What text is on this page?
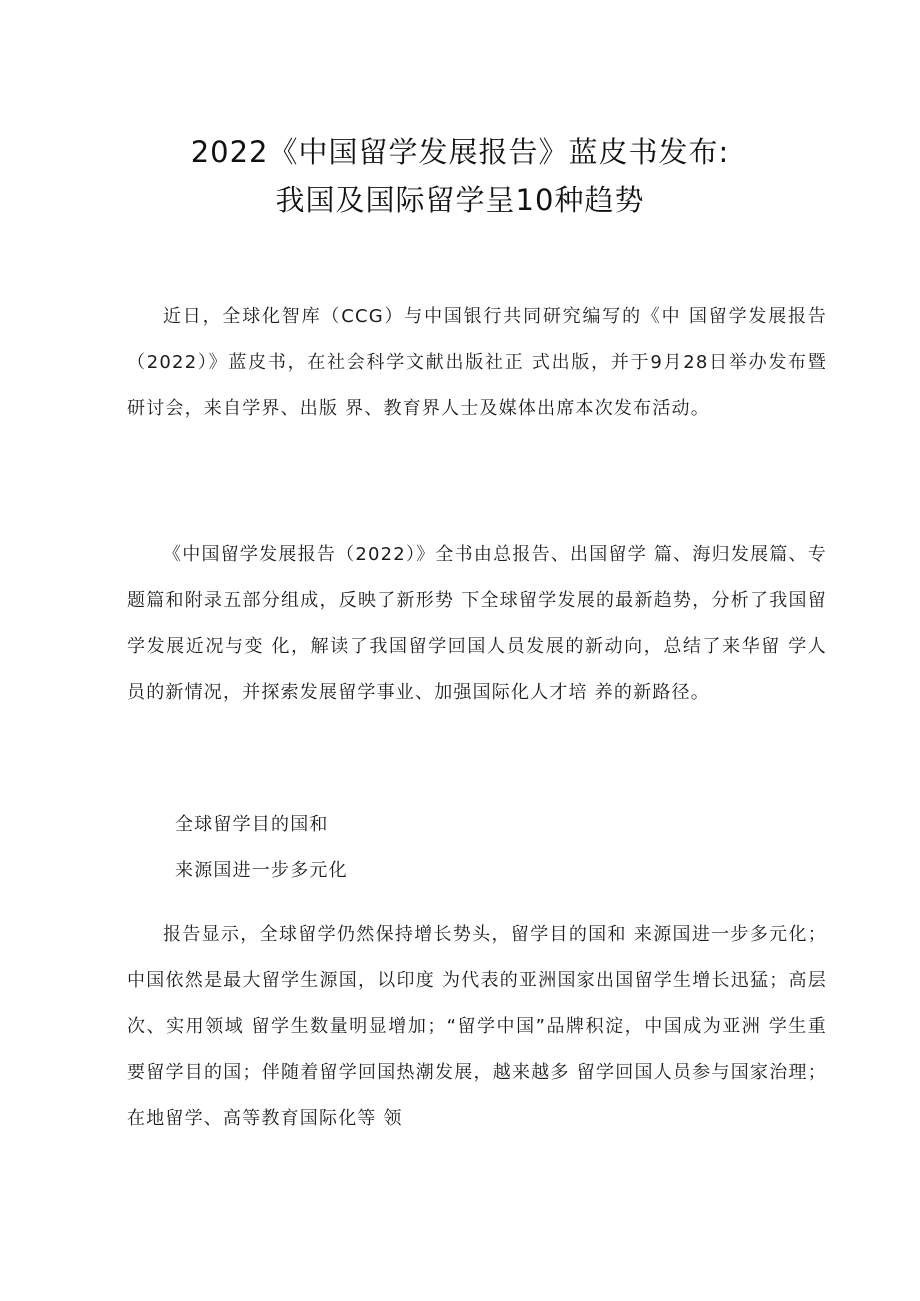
2022《中国留学发展报告》蓝皮书发布:
我国及国际留学呈10种趋势

近日，全球化智库（CCG）与中国银行共同研究编写的《中 国留学发展报告（2022）》蓝皮书，在社会科学文献出版社正 式出版，并于9月28日举办发布暨研讨会，来自学界、出版 界、教育界人士及媒体出席本次发布活动。

《中国留学发展报告（2022）》全书由总报告、出国留学 篇、海归发展篇、专题篇和附录五部分组成，反映了新形势 下全球留学发展的最新趋势，分析了我国留学发展近况与变 化，解读了我国留学回国人员发展的新动向，总结了来华留 学人员的新情况，并探索发展留学事业、加强国际化人才培 养的新路径。

全球留学目的国和
来源国进一步多元化

报告显示，全球留学仍然保持增长势头，留学目的国和 来源国进一步多元化；中国依然是最大留学生源国，以印度 为代表的亚洲国家出国留学生增长迅猛；高层次、实用领域 留学生数量明显增加；“留学中国”品牌积淀，中国成为亚洲 学生重要留学目的国；伴随着留学回国热潮发展，越来越多 留学回国人员参与国家治理；在地留学、高等教育国际化等 领
